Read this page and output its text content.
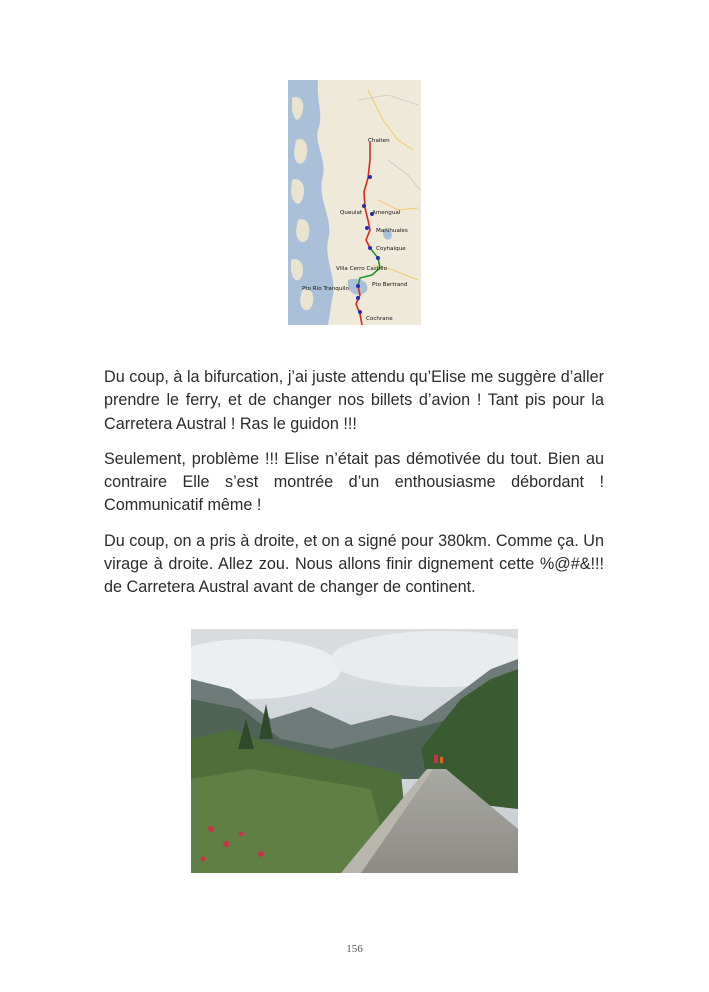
Chaiten
Queulat Amengual
Mañihuales
Coyhaique
Villa Cerro Castillo
Pto Río Tranquilo
Pto Bertrand
Cochrane

Du coup, à la bifurcation, j’ai juste attendu qu’Elise me suggère d’aller prendre le ferry, et de changer nos billets d’avion ! Tant pis pour la Carretera Austral ! Ras le guidon !!!

Seulement, problème !!! Elise n’était pas démotivée du tout. Bien au contraire Elle s’est montrée d’un enthousiasme débordant ! Communicatif même !

Du coup, on a pris à droite, et on a signé pour 380km. Comme ça. Un virage à droite. Allez zou. Nous allons finir dignement cette %@#&!!! de Carretera Austral avant de changer de continent.

156
